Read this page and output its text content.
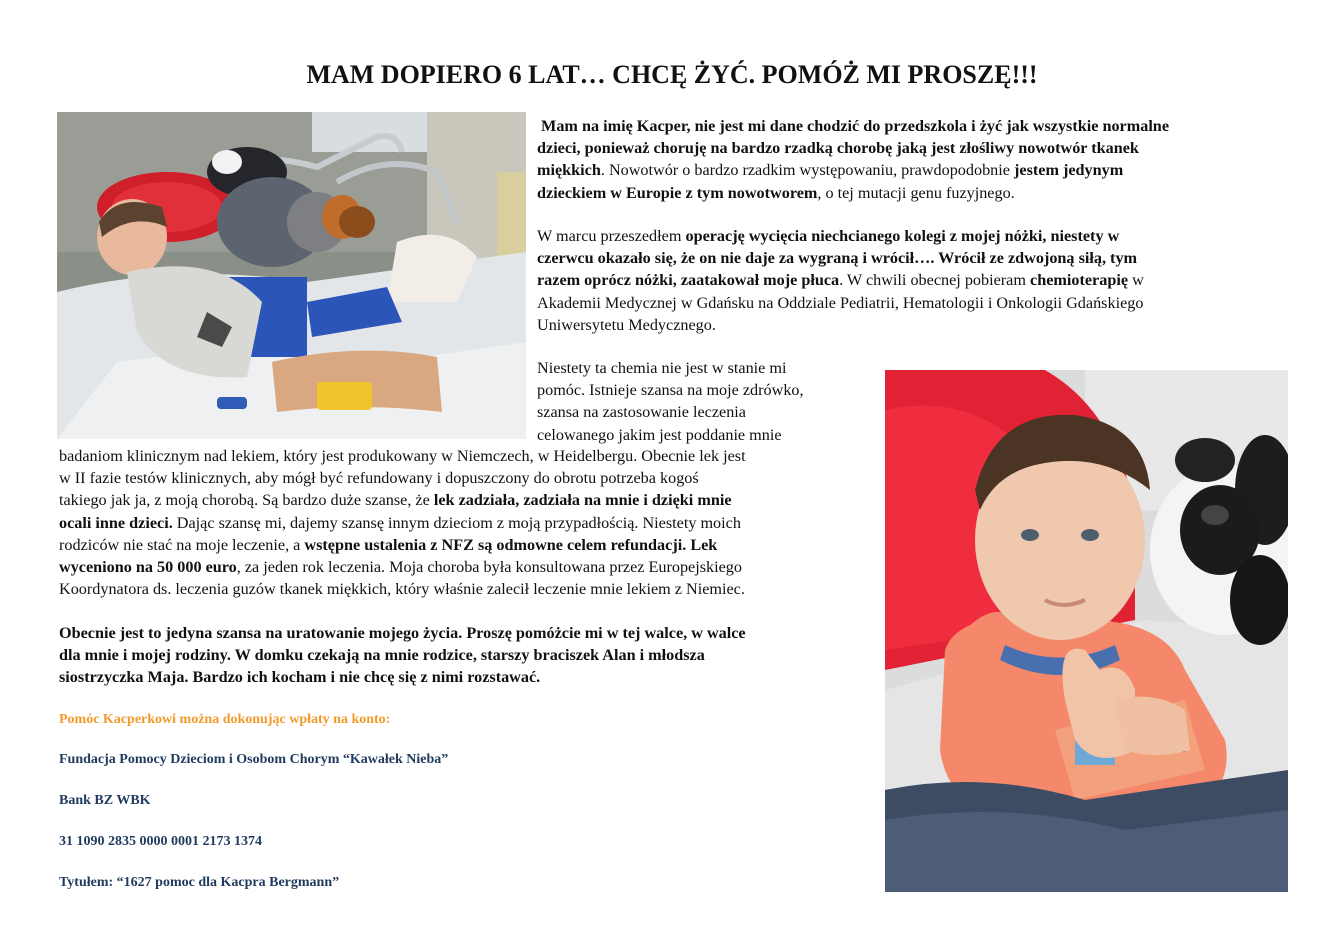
MAM DOPIERO 6 LAT… CHCĘ ŻYĆ. POMÓŻ MI PROSZĘ!!!
Mam na imię Kacper, nie jest mi dane chodzić do przedszkola i żyć jak wszystkie normalne
dzieci, ponieważ choruję na bardzo rzadką chorobę jaką jest złośliwy nowotwór tkanek
miękkich. Nowotwór o bardzo rzadkim występowaniu, prawdopodobnie jestem jedynym
dzieckiem w Europie z tym nowotworem, o tej mutacji genu fuzyjnego.
W marcu przeszedłem operację wycięcia niechcianego kolegi z mojej nóżki, niestety w
czerwcu okazało się, że on nie daje za wygraną i wrócił…. Wrócił ze zdwojoną siłą, tym
razem oprócz nóżki, zaatakował moje płuca. W chwili obecnej pobieram chemioterapię w
Akademii Medycznej w Gdańsku na Oddziale Pediatrii, Hematologii i Onkologii Gdańskiego
Uniwersytetu Medycznego.
Niestety ta chemia nie jest w stanie mi
pomóc. Istnieje szansa na moje zdrówko,
szansa na zastosowanie leczenia
celowanego jakim jest poddanie mnie
badaniom klinicznym nad lekiem, który jest produkowany w Niemczech, w Heidelbergu. Obecnie lek jest
w II fazie testów klinicznych, aby mógł być refundowany i dopuszczony do obrotu potrzeba kogoś
takiego jak ja, z moją chorobą. Są bardzo duże szanse, że lek zadziała, zadziała na mnie i dzięki mnie
ocali inne dzieci. Dając szansę mi, dajemy szansę innym dzieciom z moją przypadłością. Niestety moich
rodziców nie stać na moje leczenie, a wstępne ustalenia z NFZ są odmowne celem refundacji. Lek
wyceniono na 50 000 euro, za jeden rok leczenia. Moja choroba była konsultowana przez Europejskiego
Koordynatora ds. leczenia guzów tkanek miękkich, który właśnie zalecił leczenie mnie lekiem z Niemiec.
Obecnie jest to jedyna szansa na uratowanie mojego życia. Proszę pomóżcie mi w tej walce, w walce
dla mnie i mojej rodziny. W domku czekają na mnie rodzice, starszy braciszek Alan i młodsza
siostrzyczka Maja. Bardzo ich kocham i nie chcę się z nimi rozstawać.

Pomóc Kacperkowi można dokonując wpłaty na konto:

Fundacja Pomocy Dzieciom i Osobom Chorym “Kawałek Nieba”

Bank BZ WBK

31 1090 2835 0000 0001 2173 1374

Tytułem: “1627 pomoc dla Kacpra Bergmann”
